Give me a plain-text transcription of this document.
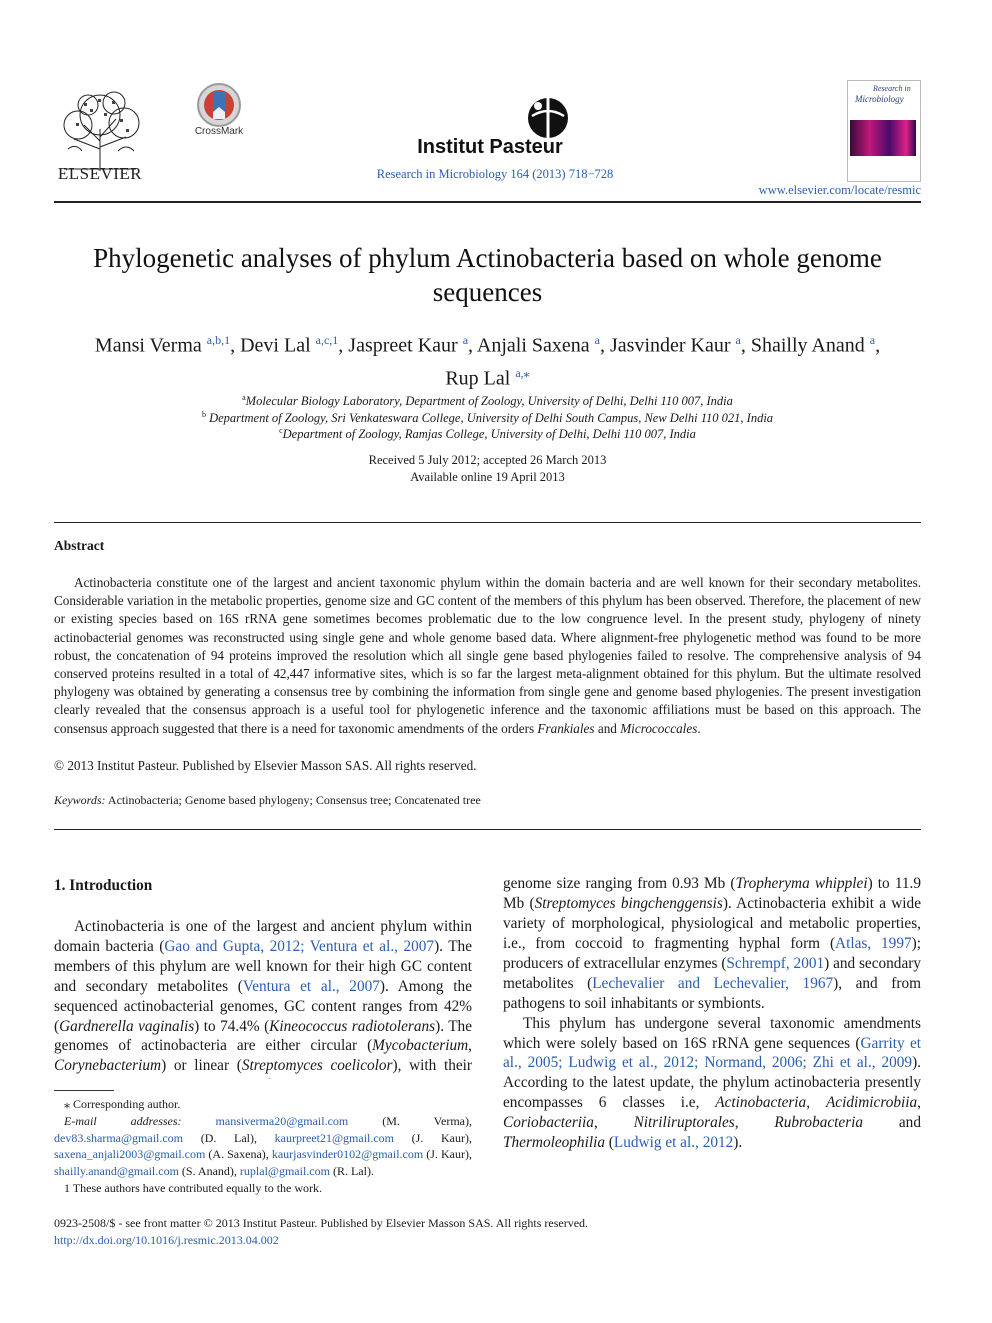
ELSEVIER
CrossMark
Institut Pasteur
Research in Microbiology 164 (2013) 718−728
Research in
Microbiology
www.elsevier.com/locate/resmic
Phylogenetic analyses of phylum Actinobacteria based on whole genome sequences
Mansi Verma $^{a,b,1}$, Devi Lal $^{a,c,1}$, Jaspreet Kaur $^a$, Anjali Saxena $^a$, Jasvinder Kaur $^a$, Shailly Anand $^a$,
Rup Lal $^{a,⁎}$
$^a$Molecular Biology Laboratory, Department of Zoology, University of Delhi, Delhi 110 007, India
$^b$ Department of Zoology, Sri Venkateswara College, University of Delhi South Campus, New Delhi 110 021, India
$^c$Department of Zoology, Ramjas College, University of Delhi, Delhi 110 007, India
Received 5 July 2012; accepted 26 March 2013
Available online 19 April 2013
Abstract
Actinobacteria constitute one of the largest and ancient taxonomic phylum within the domain bacteria and are well known for their secondary metabolites. Considerable variation in the metabolic properties, genome size and GC content of the members of this phylum has been observed. Therefore, the placement of new or existing species based on 16S rRNA gene sometimes becomes problematic due to the low congruence level. In the present study, phylogeny of ninety actinobacterial genomes was reconstructed using single gene and whole genome based data. Where alignment-free phylogenetic method was found to be more robust, the concatenation of 94 proteins improved the resolution which all single gene based phylogenies failed to resolve. The comprehensive analysis of 94 conserved proteins resulted in a total of 42,447 informative sites, which is so far the largest meta-alignment obtained for this phylum. But the ultimate resolved phylogeny was obtained by generating a consensus tree by combining the information from single gene and genome based phylogenies. The present investigation clearly revealed that the consensus approach is a useful tool for phylogenetic inference and the taxonomic affiliations must be based on this approach. The consensus approach suggested that there is a need for taxonomic amendments of the orders Frankiales and Micrococcales.
© 2013 Institut Pasteur. Published by Elsevier Masson SAS. All rights reserved.
Keywords: Actinobacteria; Genome based phylogeny; Consensus tree; Concatenated tree
1. Introduction

Actinobacteria is one of the largest and ancient phylum within domain bacteria (Gao and Gupta, 2012; Ventura et al., 2007). The members of this phylum are well known for their high GC content and secondary metabolites (Ventura et al., 2007). Among the sequenced actinobacterial genomes, GC content ranges from 42% (Gardnerella vaginalis) to 74.4% (Kineococcus radiotolerans). The genomes of actinobacteria are either circular (Mycobacterium, Corynebacterium) or linear (Streptomyces coelicolor), with their

genome size ranging from 0.93 Mb (Tropheryma whipplei) to 11.9 Mb (Streptomyces bingchenggensis). Actinobacteria exhibit a wide variety of morphological, physiological and metabolic properties, i.e., from coccoid to fragmenting hyphal form (Atlas, 1997); producers of extracellular enzymes (Schrempf, 2001) and secondary metabolites (Lechevalier and Lechevalier, 1967), and from pathogens to soil inhabitants or symbionts.

This phylum has undergone several taxonomic amendments which were solely based on 16S rRNA gene sequences (Garrity et al., 2005; Ludwig et al., 2012; Normand, 2006; Zhi et al., 2009). According to the latest update, the phylum actinobacteria presently encompasses 6 classes i.e, Actinobacteria, Acidimicrobiia, Coriobacteriia, Nitriliruptorales, Rubrobacteria and Thermoleophilia (Ludwig et al., 2012).

⁎ Corresponding author.

E-mail addresses: mansiverma20@gmail.com (M. Verma), dev83.sharma@gmail.com (D. Lal), kaurpreet21@gmail.com (J. Kaur), saxena_anjali2003@gmail.com (A. Saxena), kaurjasvinder0102@gmail.com (J. Kaur), shailly.anand@gmail.com (S. Anand), ruplal@gmail.com (R. Lal).

1 These authors have contributed equally to the work.

0923-2508/$ - see front matter © 2013 Institut Pasteur. Published by Elsevier Masson SAS. All rights reserved.
http://dx.doi.org/10.1016/j.resmic.2013.04.002
